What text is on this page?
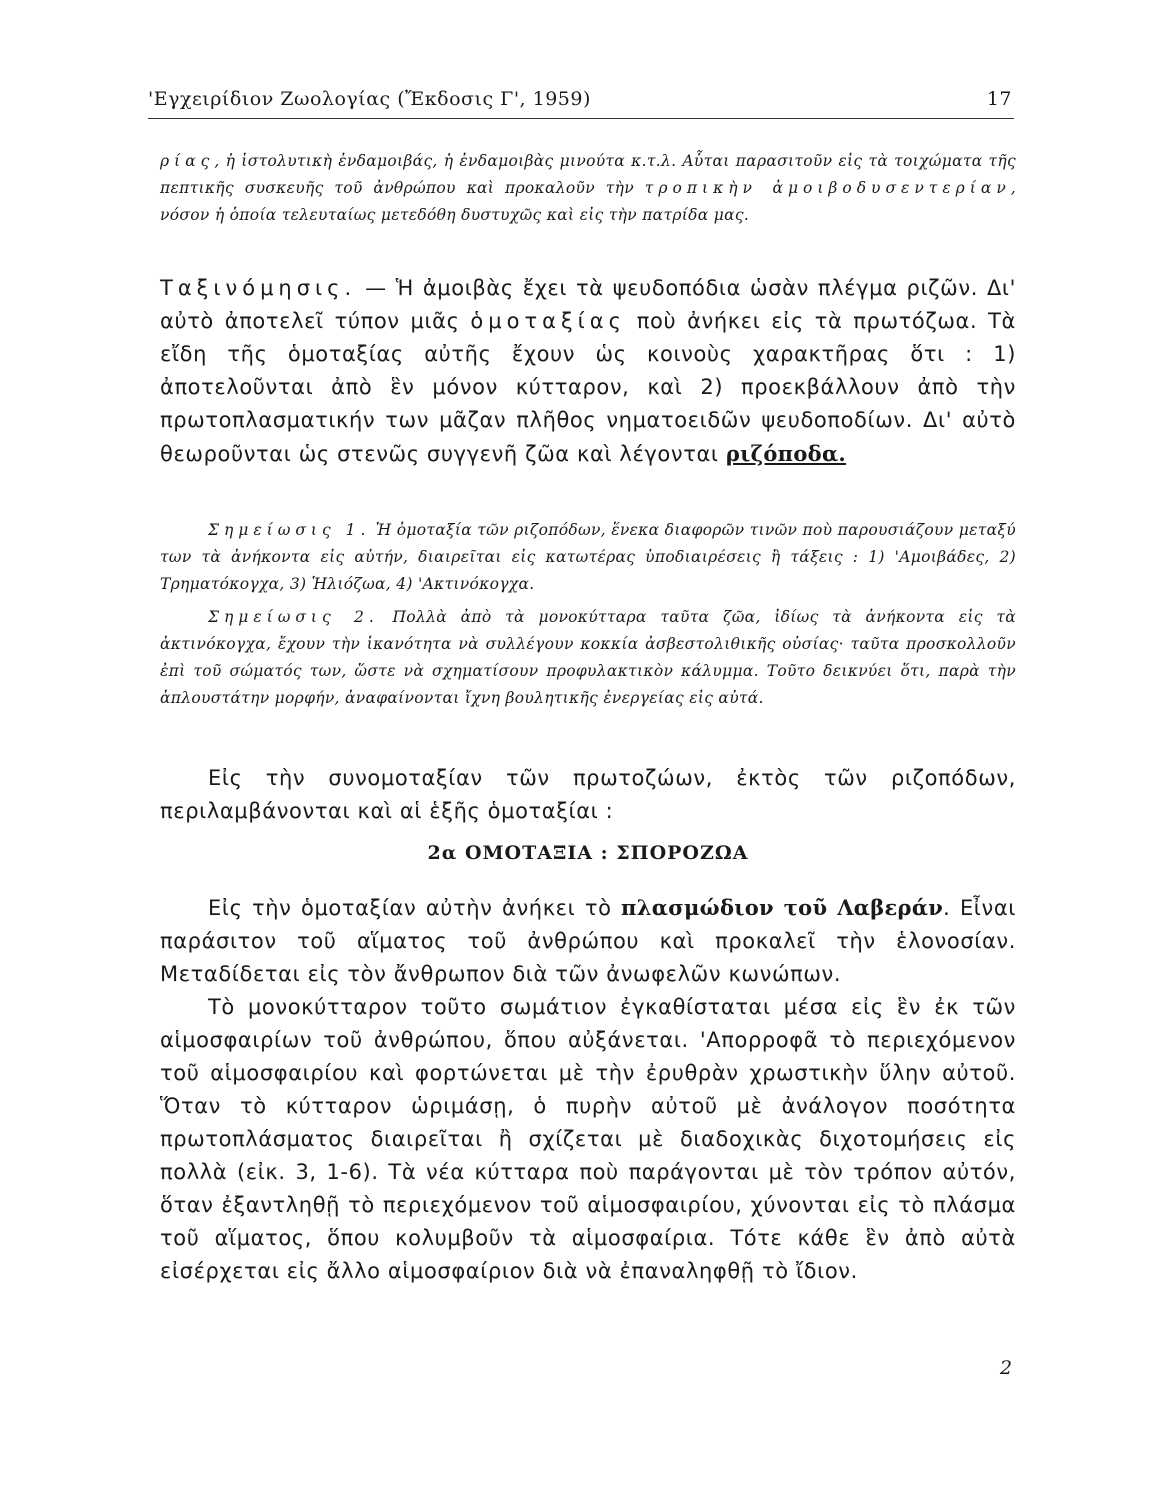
'Εγχειρίδιον Ζωολογίας (Ἔκδοσις Γ', 1959)	17

ρίας, ἡ ἱστολυτικὴ ἐνδαμοιβάς, ἡ ἐνδαμοιβὰς μινούτα κ.τ.λ. Αὗται παρασιτοῦν εἰς τὰ τοιχώματα τῆς πεπτικῆς συσκευῆς τοῦ ἀνθρώπου καὶ προκαλοῦν τὴν τροπικὴν ἀμοιβοδυσεντερίαν, νόσον ἡ ὁποία τελευταίως μετεδόθη δυστυχῶς καὶ εἰς τὴν πατρίδα μας.

Ταξινόμησις. — Ἡ ἀμοιβὰς ἔχει τὰ ψευδοπόδια ὡσὰν πλέγμα ριζῶν. Δι' αὐτὸ ἀποτελεῖ τύπον μιᾶς ὁμοταξίας ποὺ ἀνήκει εἰς τὰ πρωτόζωα. Τὰ εἴδη τῆς ὁμοταξίας αὐτῆς ἔχουν ὡς κοινοὺς χαρακτῆρας ὅτι : 1) ἀποτελοῦνται ἀπὸ ἓν μόνον κύτταρον, καὶ 2) προεκβάλλουν ἀπὸ τὴν πρωτοπλασματικήν των μᾶζαν πλῆθος νηματοειδῶν ψευδοποδίων. Δι' αὐτὸ θεωροῦνται ὡς στενῶς συγγενῆ ζῶα καὶ λέγονται ριζόποδα.

Σημείωσις 1. Ἡ ὁμοταξία τῶν ριζοπόδων, ἕνεκα διαφορῶν τινῶν ποὺ παρουσιάζουν μεταξύ των τὰ ἀνήκοντα εἰς αὐτήν, διαιρεῖται εἰς κατωτέρας ὑποδιαιρέσεις ἢ τάξεις : 1) 'Αμοιβάδες, 2) Τρηματόκογχα, 3) Ἡλιόζωα, 4) 'Ακτινόκογχα.

Σημείωσις 2. Πολλὰ ἀπὸ τὰ μονοκύτταρα ταῦτα ζῶα, ἰδίως τὰ ἀνήκοντα εἰς τὰ ἀκτινόκογχα, ἔχουν τὴν ἱκανότητα νὰ συλλέγουν κοκκία ἀσβεστολιθικῆς οὐσίας· ταῦτα προσκολλοῦν ἐπὶ τοῦ σώματός των, ὥστε νὰ σχηματίσουν προφυλακτικὸν κάλυμμα. Τοῦτο δεικνύει ὅτι, παρὰ τὴν ἁπλουστάτην μορφήν, ἀναφαίνονται ἴχνη βουλητικῆς ἐνεργείας εἰς αὐτά.

Εἰς τὴν συνομοταξίαν τῶν πρωτοζώων, ἐκτὸς τῶν ριζοπόδων, περιλαμβάνονται καὶ αἱ ἑξῆς ὁμοταξίαι :

2α ΟΜΟΤΑΞΙΑ : ΣΠΟΡΟΖΩΑ

Εἰς τὴν ὁμοταξίαν αὐτὴν ἀνήκει τὸ πλασμώδιον τοῦ Λαβεράν. Εἶναι παράσιτον τοῦ αἵματος τοῦ ἀνθρώπου καὶ προκαλεῖ τὴν ἑλονοσίαν. Μεταδίδεται εἰς τὸν ἄνθρωπον διὰ τῶν ἀνωφελῶν κωνώπων.

Τὸ μονοκύτταρον τοῦτο σωμάτιον ἐγκαθίσταται μέσα εἰς ἓν ἐκ τῶν αἱμοσφαιρίων τοῦ ἀνθρώπου, ὅπου αὐξάνεται. 'Απορροφᾶ τὸ περιεχόμενον τοῦ αἱμοσφαιρίου καὶ φορτώνεται μὲ τὴν ἐρυθρὰν χρωστικὴν ὕλην αὐτοῦ. Ὅταν τὸ κύτταρον ὡριμάσῃ, ὁ πυρὴν αὐτοῦ μὲ ἀνάλογον ποσότητα πρωτοπλάσματος διαιρεῖται ἢ σχίζεται μὲ διαδοχικὰς διχοτομήσεις εἰς πολλὰ (εἰκ. 3, 1-6). Τὰ νέα κύτταρα ποὺ παράγονται μὲ τὸν τρόπον αὐτόν, ὅταν ἐξαντληθῇ τὸ περιεχόμενον τοῦ αἱμοσφαιρίου, χύνονται εἰς τὸ πλάσμα τοῦ αἵματος, ὅπου κολυμβοῦν τὰ αἱμοσφαίρια. Τότε κάθε ἓν ἀπὸ αὐτὰ εἰσέρχεται εἰς ἄλλο αἱμοσφαίριον διὰ νὰ ἐπαναληφθῇ τὸ ἴδιον.

2
